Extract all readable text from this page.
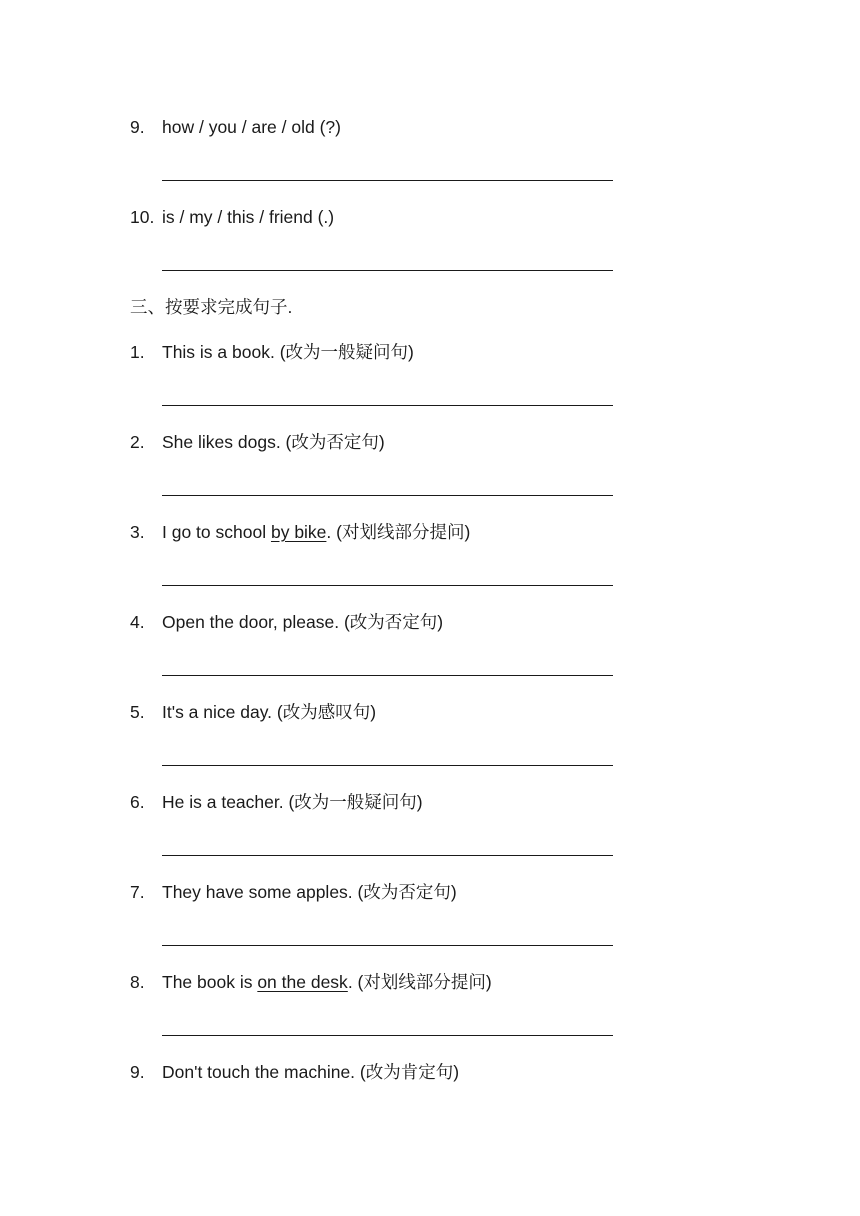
9. how / you / are / old (?)
10. is / my / this / friend (.)
三、按要求完成句子.
1. This is a book. (改为一般疑问句)
2. She likes dogs. (改为否定句)
3. I go to school by bike. (对划线部分提问)
4. Open the door, please. (改为否定句)
5. It's a nice day. (改为感叹句)
6. He is a teacher. (改为一般疑问句)
7. They have some apples. (改为否定句)
8. The book is on the desk. (对划线部分提问)
9. Don't touch the machine. (改为肯定句)
